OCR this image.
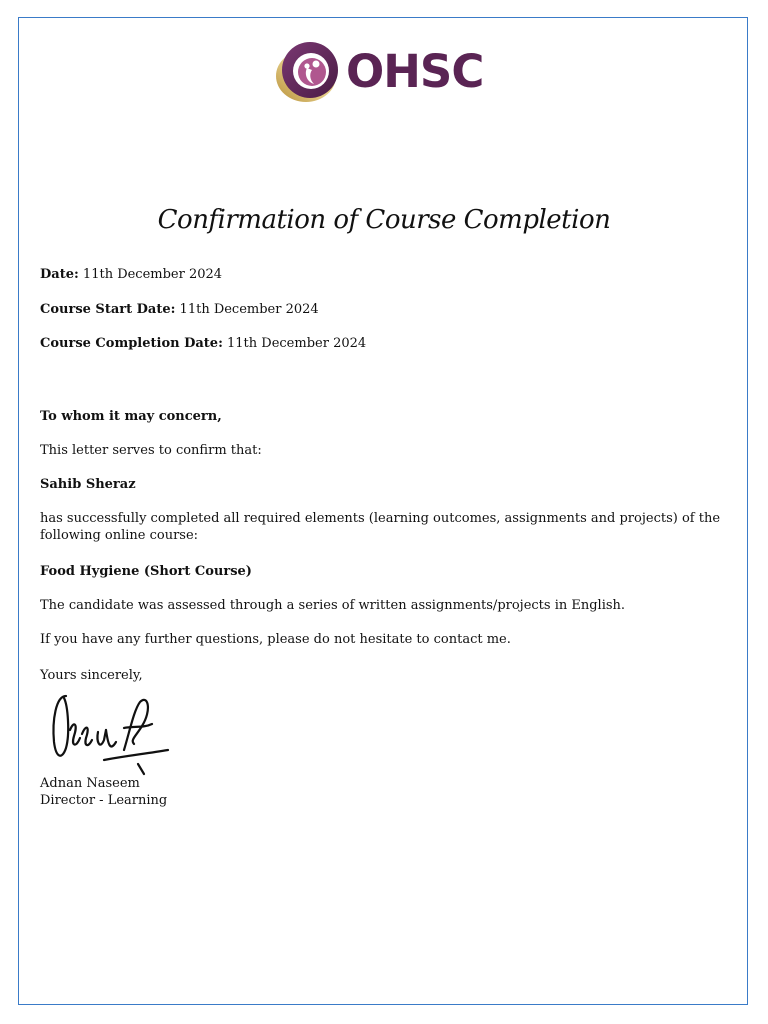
OHSC
Confirmation of Course Completion
Date: 11th December 2024
Course Start Date: 11th December 2024
Course Completion Date: 11th December 2024
To whom it may concern,
This letter serves to confirm that:
Sahib Sheraz
has successfully completed all required elements (learning outcomes, assignments and projects) of the following online course:
Food Hygiene (Short Course)
The candidate was assessed through a series of written assignments/projects in English.
If you have any further questions, please do not hesitate to contact me.
Yours sincerely,
Adnan Naseem
Director - Learning
